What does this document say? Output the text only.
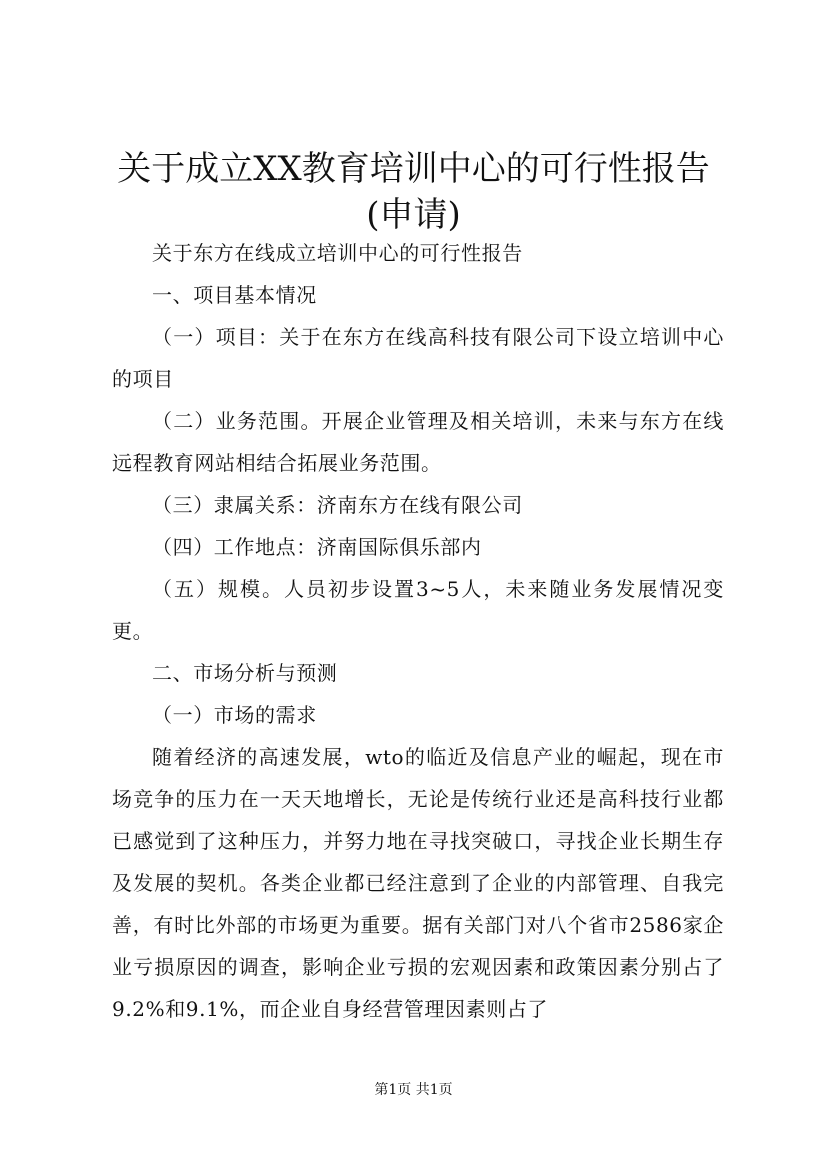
关于成立XX教育培训中心的可行性报告(申请)

关于东方在线成立培训中心的可行性报告

一、项目基本情况

（一）项目：关于在东方在线高科技有限公司下设立培训中心的项目

（二）业务范围。开展企业管理及相关培训，未来与东方在线远程教育网站相结合拓展业务范围。

（三）隶属关系：济南东方在线有限公司

（四）工作地点：济南国际俱乐部内

（五）规模。人员初步设置3~5人，未来随业务发展情况变更。

二、市场分析与预测

（一）市场的需求

随着经济的高速发展，wto的临近及信息产业的崛起，现在市场竞争的压力在一天天地增长，无论是传统行业还是高科技行业都已感觉到了这种压力，并努力地在寻找突破口，寻找企业长期生存及发展的契机。各类企业都已经注意到了企业的内部管理、自我完善，有时比外部的市场更为重要。据有关部门对八个省市2586家企业亏损原因的调查，影响企业亏损的宏观因素和政策因素分别占了9.2%和9.1%，而企业自身经营管理因素则占了

第1页 共1页
